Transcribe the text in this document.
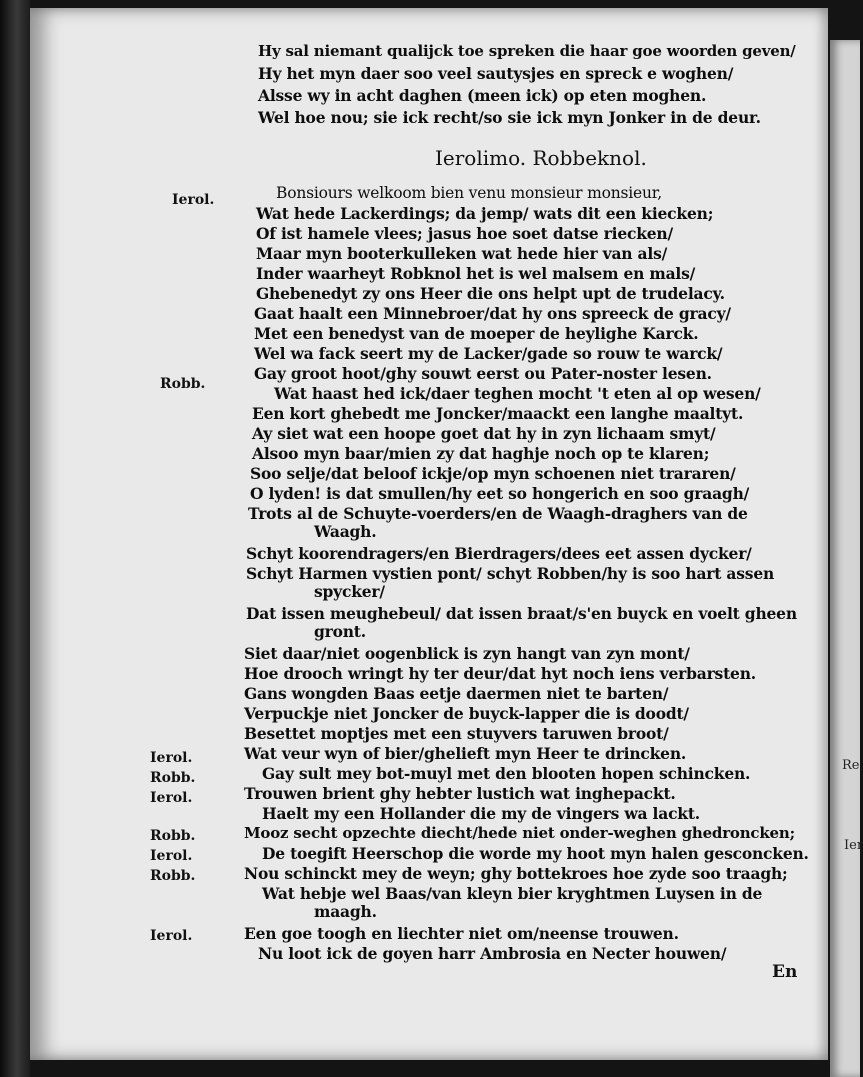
Re
Ier
Hy sal niemant qualijck toe spreken die haar goe woorden geven/
Hy het myn daer soo veel sautysjes en spreck e woghen/
Alsse wy in acht daghen (meen ick) op eten moghen.
Wel hoe nou; sie ick recht/so sie ick myn Jonker in de deur.
Ierolimo. Robbeknol.
Ierol.
Robb.
Ierol.
Robb.
Ierol.
Robb.
Ierol.
Robb.
Ierol.
Bonsiours welkoom bien venu monsieur monsieur,
Wat hede Lackerdings; da jemp/ wats dit een kiecken;
Of ist hamele vlees; jasus hoe soet datse riecken/
Maar myn booterkulleken wat hede hier van als/
Inder waarheyt Robknol het is wel malsem en mals/
Ghebenedyt zy ons Heer die ons helpt upt de trudelacy.
Gaat haalt een Minnebroer/dat hy ons spreeck de gracy/
Met een benedyst van de moeper de heylighe Karck.
Wel wa fack seert my de Lacker/gade so rouw te warck/
Gay groot hoot/ghy souwt eerst ou Pater-noster lesen.
Wat haast hed ick/daer teghen mocht 't eten al op wesen/
Een kort ghebedt me Joncker/maackt een langhe maaltyt.
Ay siet wat een hoope goet dat hy in zyn lichaam smyt/
Alsoo myn baar/mien zy dat haghje noch op te klaren;
Soo selje/dat beloof ickje/op myn schoenen niet trararen/
O lyden! is dat smullen/hy eet so hongerich en soo graagh/
Trots al de Schuyte-voerders/en de Waagh-draghers van de
Waagh.
Schyt koorendragers/en Bierdragers/dees eet assen dycker/
Schyt Harmen vystien pont/ schyt Robben/hy is soo hart assen
spycker/
Dat issen meughebeul/ dat issen braat/s'en buyck en voelt gheen
gront.
Siet daar/niet oogenblick is zyn hangt van zyn mont/
Hoe drooch wringt hy ter deur/dat hyt noch iens verbarsten.
Gans wongden Baas eetje daermen niet te barten/
Verpuckje niet Joncker de buyck-lapper die is doodt/
Besettet moptjes met een stuyvers taruwen broot/
Wat veur wyn of bier/ghelieft myn Heer te drincken.
Gay sult mey bot-muyl met den blooten hopen schincken.
Trouwen brient ghy hebter lustich wat inghepackt.
Haelt my een Hollander die my de vingers wa lackt.
Mooz secht opzechte diecht/hede niet onder-weghen ghedroncken;
De toegift Heerschop die worde my hoot myn halen gesconcken.
Nou schinckt mey de weyn; ghy bottekroes hoe zyde soo traagh;
Wat hebje wel Baas/van kleyn bier kryghtmen Luysen in de
maagh.
Een goe toogh en liechter niet om/neense trouwen.
Nu loot ick de goyen harr Ambrosia en Necter houwen/
En
